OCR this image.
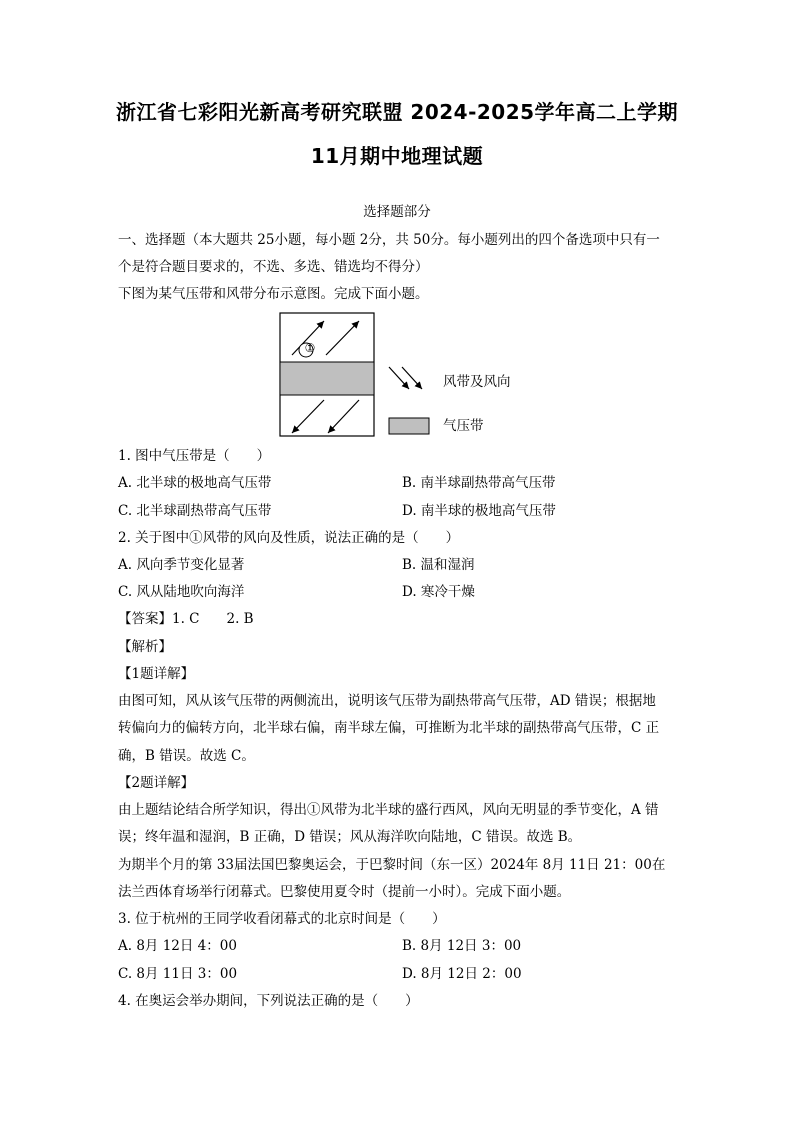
浙江省七彩阳光新高考研究联盟 2024-2025学年高二上学期
11月期中地理试题
选择题部分
一、选择题（本大题共 25小题，每小题 2分，共 50分。每小题列出的四个备选项中只有一
个是符合题目要求的，不选、多选、错选均不得分）
下图为某气压带和风带分布示意图。完成下面小题。
①
风带及风向
气压带
1. 图中气压带是（　　）
A. 北半球的极地高气压带	B. 南半球副热带高气压带
C. 北半球副热带高气压带	D. 南半球的极地高气压带
2. 关于图中①风带的风向及性质，说法正确的是（　　）
A. 风向季节变化显著	B. 温和湿润
C. 风从陆地吹向海洋	D. 寒冷干燥
【答案】1. C　　2. B
【解析】
【1题详解】
由图可知，风从该气压带的两侧流出，说明该气压带为副热带高气压带，AD 错误；根据地
转偏向力的偏转方向，北半球右偏，南半球左偏，可推断为北半球的副热带高气压带，C 正
确，B 错误。故选 C。
【2题详解】
由上题结论结合所学知识，得出①风带为北半球的盛行西风，风向无明显的季节变化，A 错
误；终年温和湿润，B 正确，D 错误；风从海洋吹向陆地，C 错误。故选 B。
为期半个月的第 33届法国巴黎奥运会，于巴黎时间（东一区）2024年 8月 11日 21：00在
法兰西体育场举行闭幕式。巴黎使用夏令时（提前一小时）。完成下面小题。
3. 位于杭州的王同学收看闭幕式的北京时间是（　　）
A. 8月 12日 4：00	B. 8月 12日 3：00
C. 8月 11日 3：00	D. 8月 12日 2：00
4. 在奥运会举办期间，下列说法正确的是（　　）
